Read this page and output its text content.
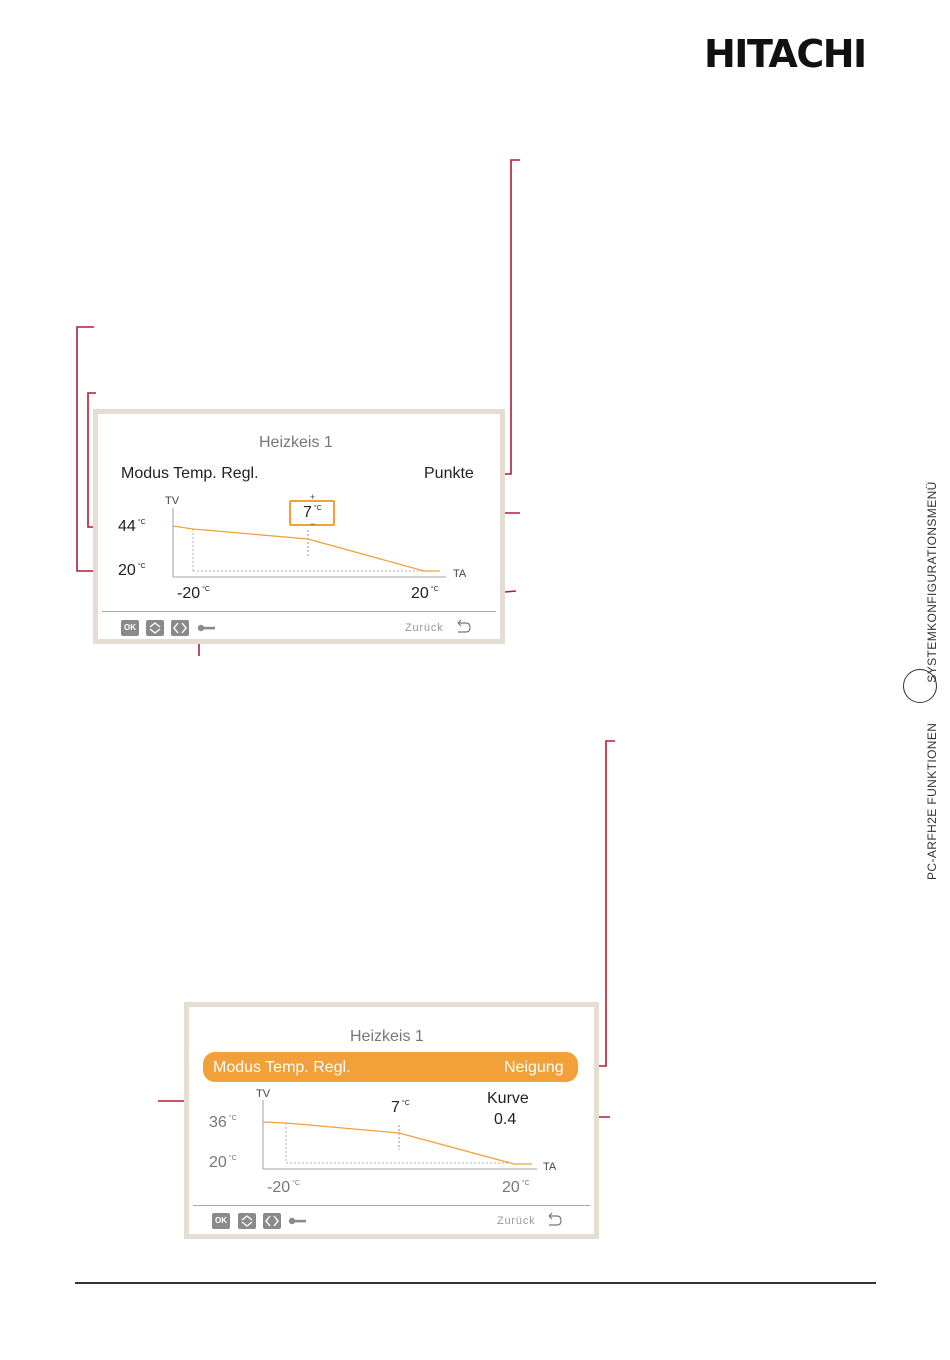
HITACHI
PC-ARFH2E FUNKTIONENSYSTEMKONFIGURATIONSMENÜ
Heizkeis 1
Modus Temp. Regl.	Punkte
TV
TA
44 $^{^\circ C}$
20 $^{^\circ C}$
-20 $^{^\circ C}$	20 $^{^\circ C}$
+
−
7 $^{^\circ C}$
OK	Zurück
Heizkeis 1
Modus Temp. Regl.	Neigung
TV
TA
7 $^{^\circ C}$	Kurve
0.4
36 $^{^\circ C}$
20 $^{^\circ C}$
-20 $^{^\circ C}$	20 $^{^\circ C}$
OK	Zurück
